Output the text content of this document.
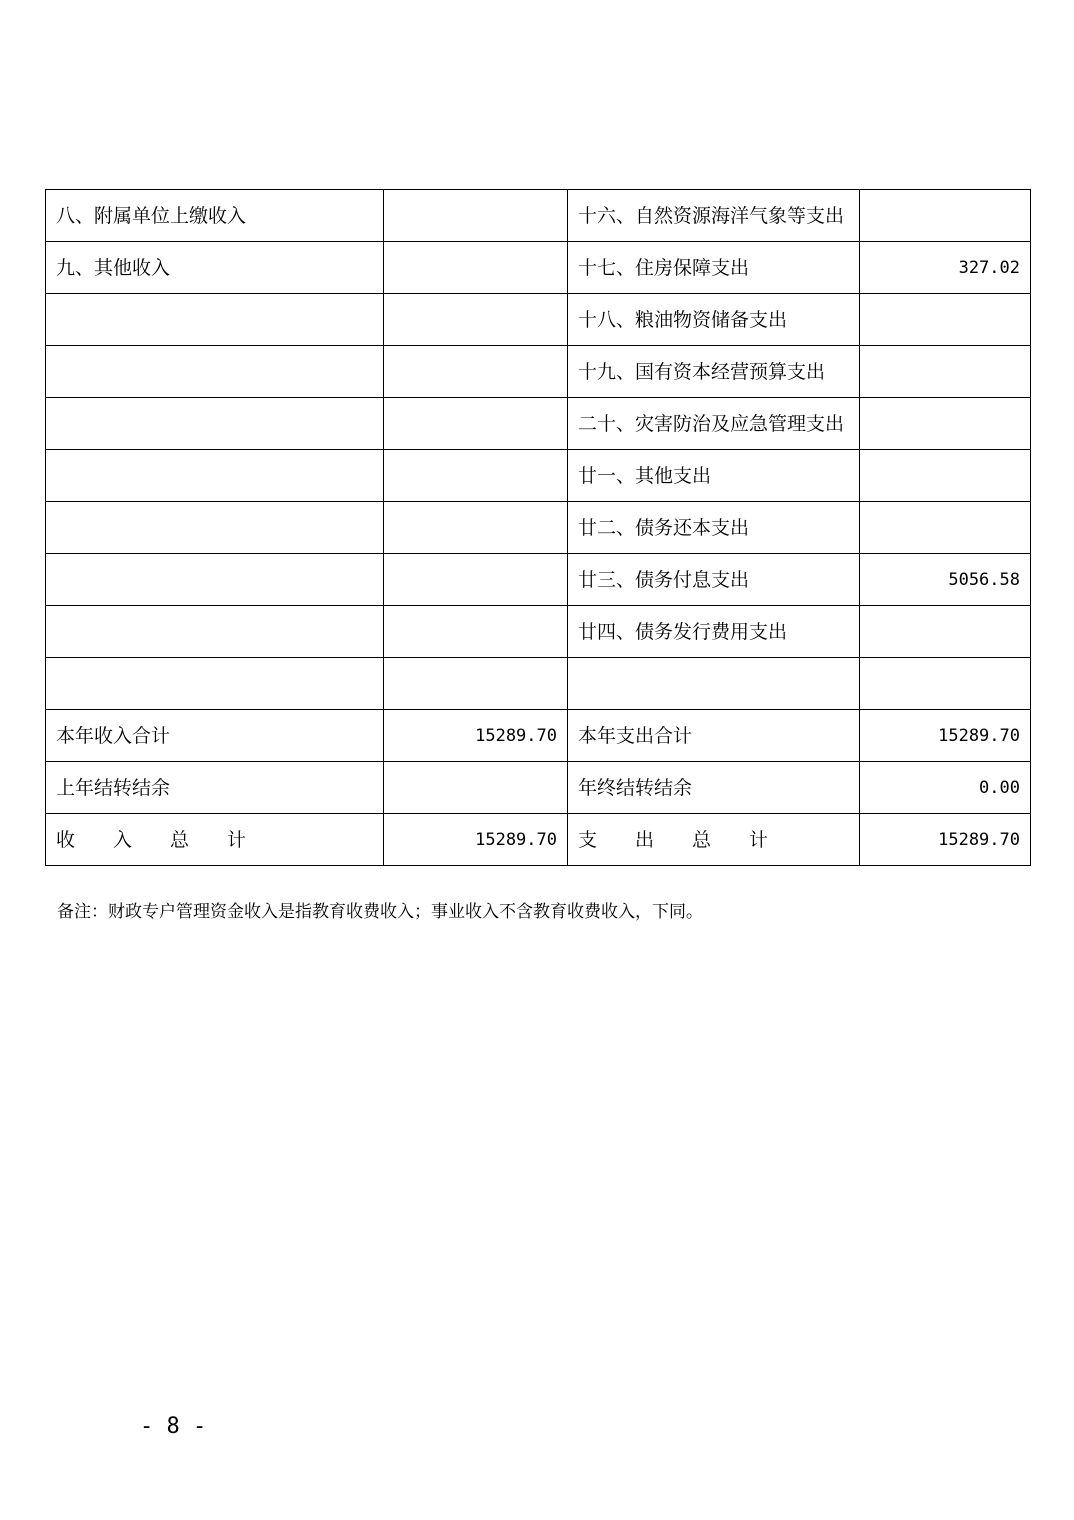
八、附属单位上缴收入		十六、自然资源海洋气象等支出	
九、其他收入		十七、住房保障支出	327.02
		十八、粮油物资储备支出	
		十九、国有资本经营预算支出	
		二十、灾害防治及应急管理支出	
		廿一、其他支出	
		廿二、债务还本支出	
		廿三、债务付息支出	5056.58
		廿四、债务发行费用支出	

本年收入合计	15289.70	本年支出合计	15289.70
上年结转结余		年终结转结余	0.00

收 入 总 计	15289.70	支 出 总 计	15289.70
备注：财政专户管理资金收入是指教育收费收入；事业收入不含教育收费收入，下同。
- 8 -
